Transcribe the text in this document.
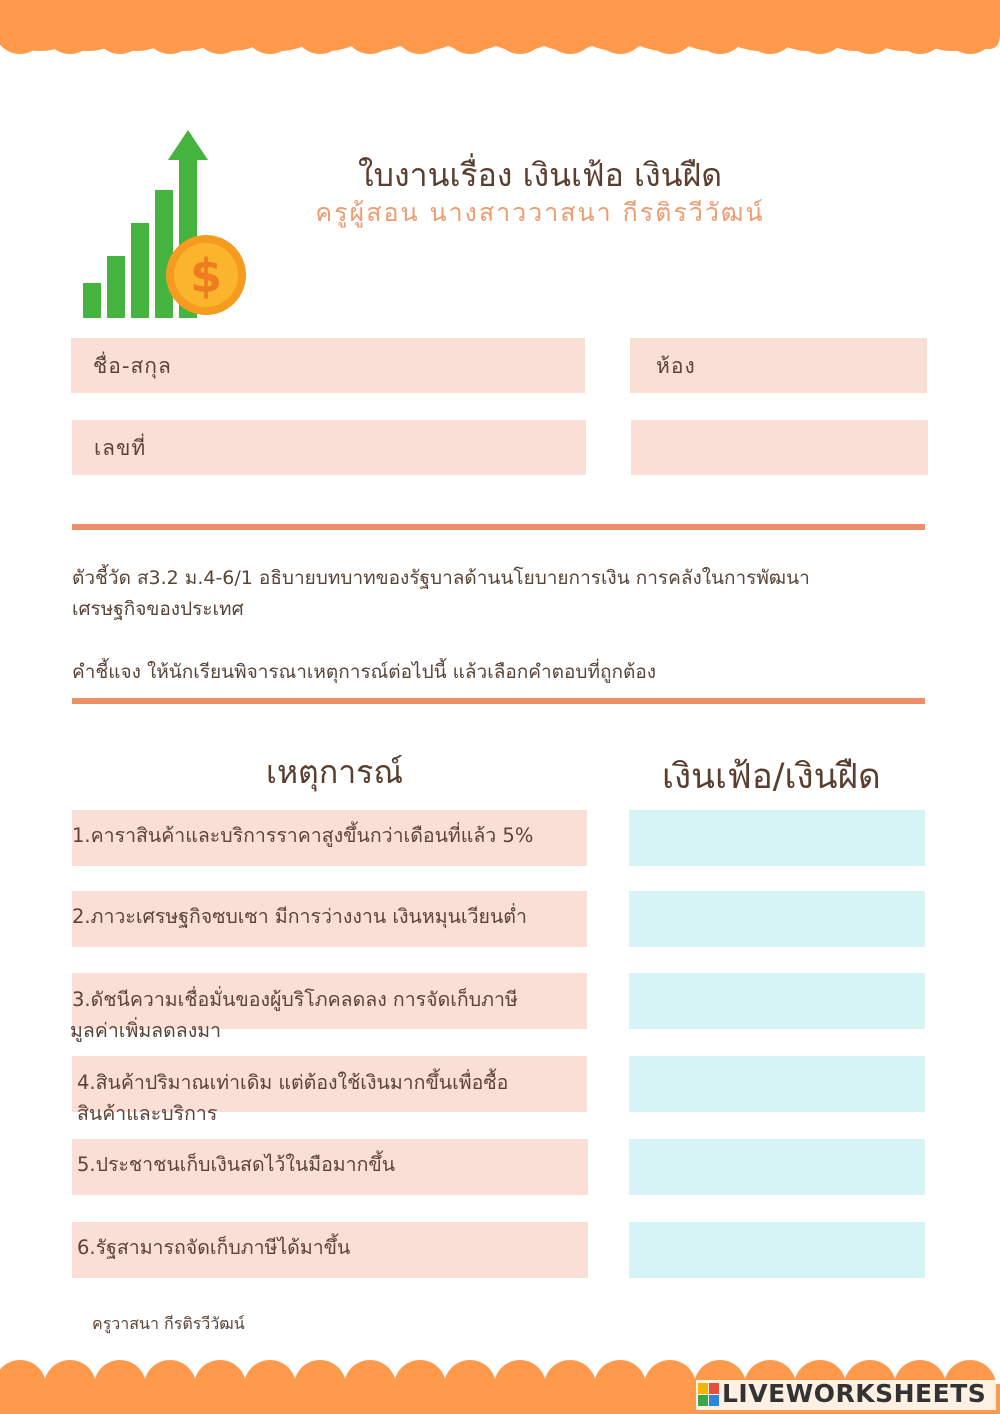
$
ใบงานเรื่อง เงินเฟ้อ เงินฝืด
ครูผู้สอน นางสาววาสนา กีรติรวีวัฒน์
ชื่อ-สกุล	ห้อง
เลขที่
ตัวชี้วัด ส3.2 ม.4-6/1 อธิบายบทบาทของรัฐบาลด้านนโยบายการเงิน การคลังในการพัฒนา
เศรษฐกิจของประเทศ
คำชี้แจง ให้นักเรียนพิจารณาเหตุการณ์ต่อไปนี้ แล้วเลือกคำตอบที่ถูกต้อง
เหตุการณ์	เงินเฟ้อ/เงินฝืด
1.คาราสินค้าและบริการราคาสูงขึ้นกว่าเดือนที่แล้ว 5%
2.ภาวะเศรษฐกิจซบเซา มีการว่างงาน เงินหมุนเวียนต่ำ
3.ดัชนีความเชื่อมั่นของผู้บริโภคลดลง การจัดเก็บภาษี
มูลค่าเพิ่มลดลงมา
4.สินค้าปริมาณเท่าเดิม แต่ต้องใช้เงินมากขึ้นเพื่อซื้อ
สินค้าและบริการ
5.ประชาชนเก็บเงินสดไว้ในมือมากขึ้น
6.รัฐสามารถจัดเก็บภาษีได้มาขึ้น
ครูวาสนา กีรติรวีวัฒน์
LIVEWORKSHEETS
